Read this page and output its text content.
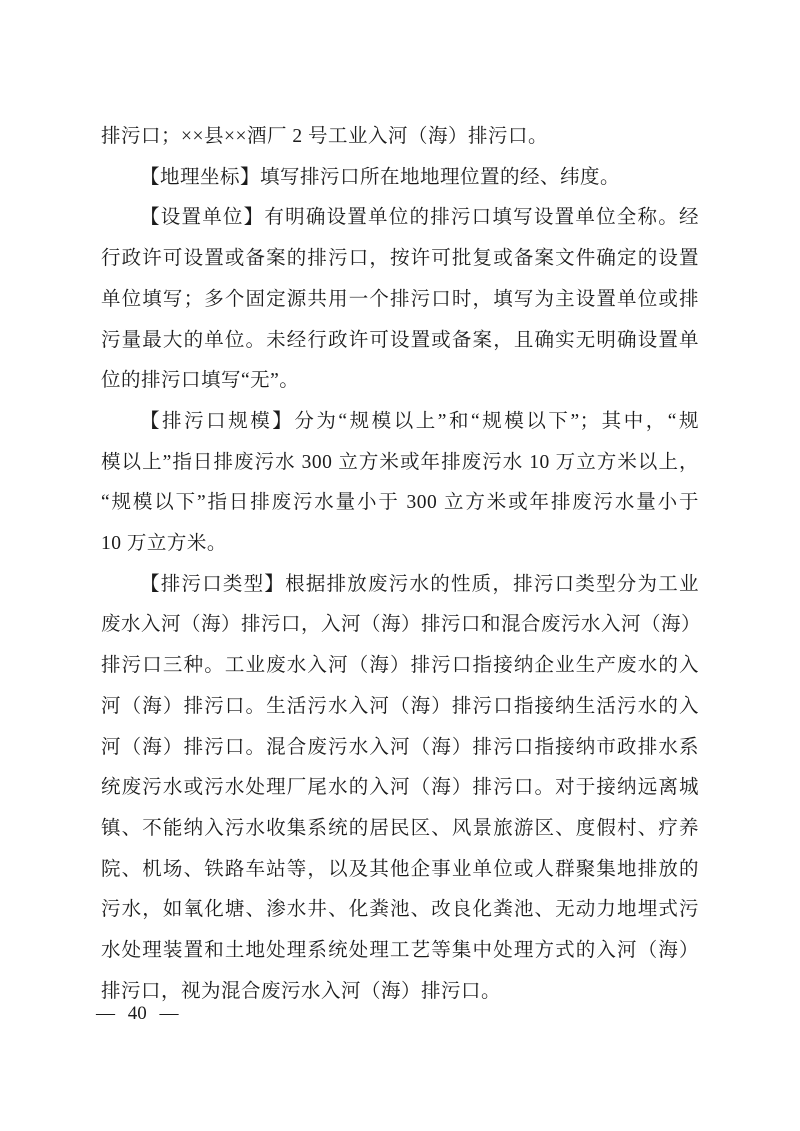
排污口；××县××酒厂 2 号工业入河（海）排污口。
【地理坐标】填写排污口所在地地理位置的经、纬度。
【设置单位】有明确设置单位的排污口填写设置单位全称。经
行政许可设置或备案的排污口，按许可批复或备案文件确定的设置
单位填写；多个固定源共用一个排污口时，填写为主设置单位或排
污量最大的单位。未经行政许可设置或备案，且确实无明确设置单
位的排污口填写“无”。
【排污口规模】分为“规模以上”和“规模以下”；其中，“规
模以上”指日排废污水 300 立方米或年排废污水 10 万立方米以上，
“规模以下”指日排废污水量小于 300 立方米或年排废污水量小于
10 万立方米。
【排污口类型】根据排放废污水的性质，排污口类型分为工业
废水入河（海）排污口，入河（海）排污口和混合废污水入河（海）
排污口三种。工业废水入河（海）排污口指接纳企业生产废水的入
河（海）排污口。生活污水入河（海）排污口指接纳生活污水的入
河（海）排污口。混合废污水入河（海）排污口指接纳市政排水系
统废污水或污水处理厂尾水的入河（海）排污口。对于接纳远离城
镇、不能纳入污水收集系统的居民区、风景旅游区、度假村、疗养
院、机场、铁路车站等，以及其他企事业单位或人群聚集地排放的
污水，如氧化塘、渗水井、化粪池、改良化粪池、无动力地埋式污
水处理装置和土地处理系统处理工艺等集中处理方式的入河（海）
排污口，视为混合废污水入河（海）排污口。
— 40 —
